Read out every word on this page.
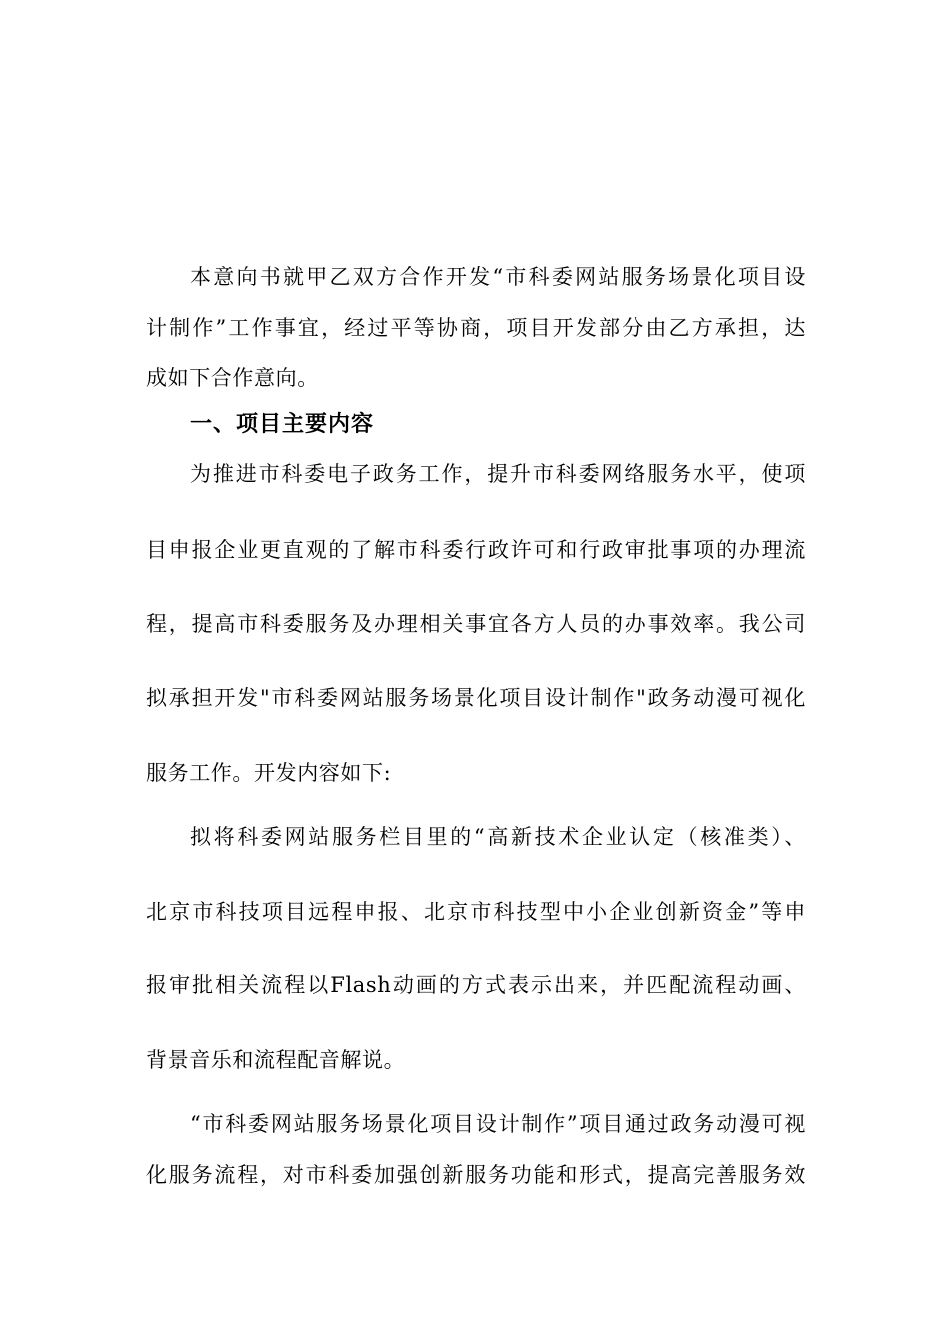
本意向书就甲乙双方合作开发“市科委网站服务场景化项目设
计制作”工作事宜，经过平等协商，项目开发部分由乙方承担，达
成如下合作意向。
一、项目主要内容
为推进市科委电子政务工作，提升市科委网络服务水平，使项
目申报企业更直观的了解市科委行政许可和行政审批事项的办理流
程，提高市科委服务及办理相关事宜各方人员的办事效率。我公司
拟承担开发"市科委网站服务场景化项目设计制作"政务动漫可视化
服务工作。开发内容如下:
拟将科委网站服务栏目里的“高新技术企业认定（核准类）、
北京市科技项目远程申报、北京市科技型中小企业创新资金”等申
报审批相关流程以Flash动画的方式表示出来，并匹配流程动画、
背景音乐和流程配音解说。
“市科委网站服务场景化项目设计制作”项目通过政务动漫可视
化服务流程，对市科委加强创新服务功能和形式，提高完善服务效
